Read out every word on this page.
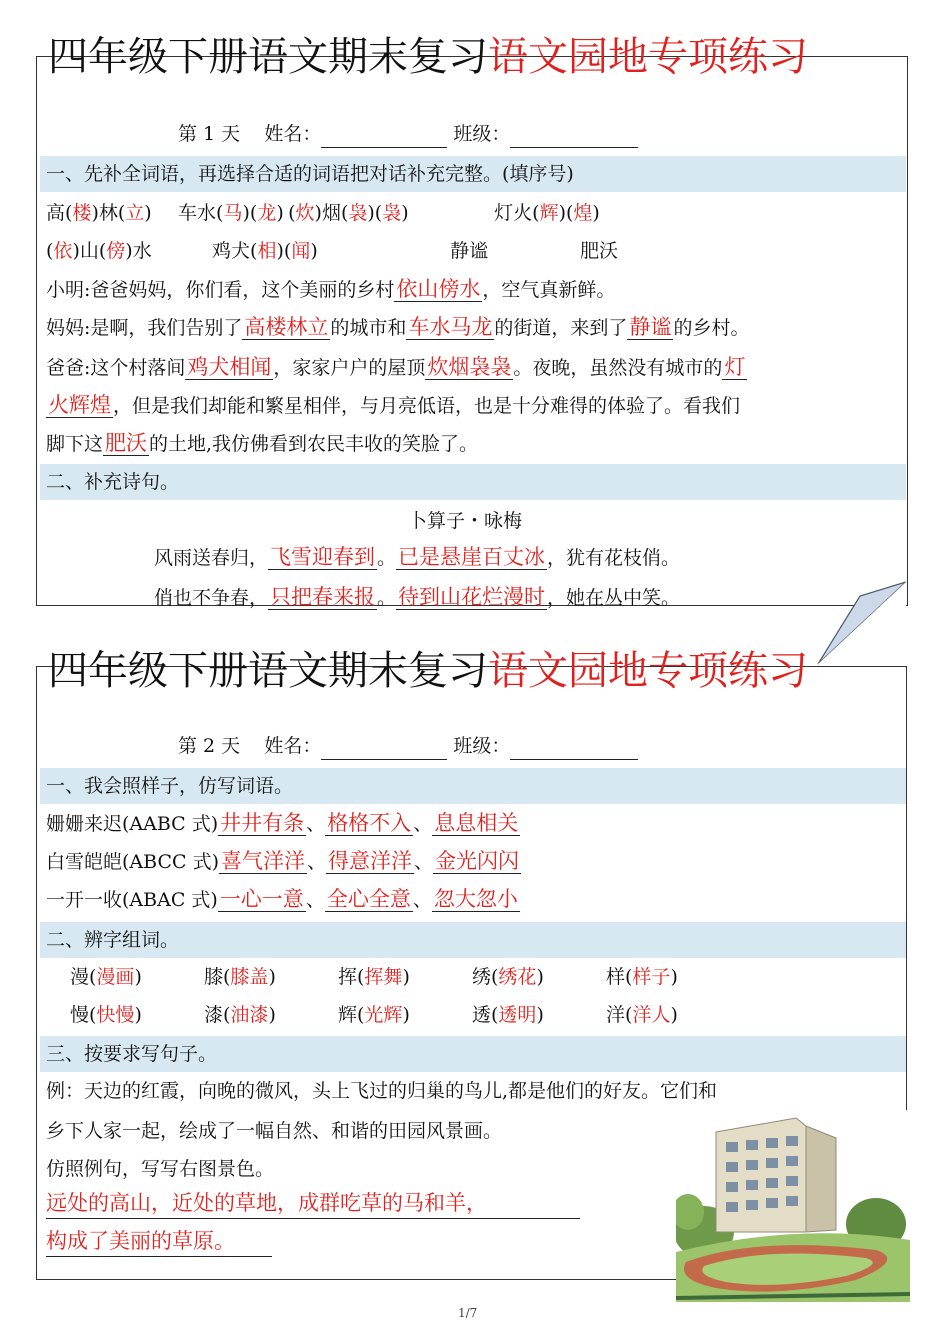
四年级下册语文期末复习语文园地专项练习
第 1 天 姓名：	班级：
一、先补全词语，再选择合适的词语把对话补充完整。(填序号)
高(楼)林(立) 车水(马)(龙) (炊)烟(袅)(袅)	灯火(辉)(煌)
(依)山(傍)水	鸡犬(相)(闻)	静谧	肥沃
小明:爸爸妈妈，你们看，这个美丽的乡村依山傍水 ，空气真新鲜。
妈妈:是啊，我们告别了高楼林立 的城市和车水马龙 的街道，来到了静谧 的乡村。
爸爸:这个村落间鸡犬相闻 ，家家户户的屋顶炊烟袅袅 。夜晚，虽然没有城市的灯
火辉煌 ，但是我们却能和繁星相伴，与月亮低语，也是十分难得的体验了。看我们
脚下这肥沃 的土地,我仿佛看到农民丰收的笑脸了。
二、补充诗句。
卜算子・咏梅
风雨送春归，飞雪迎春到 。已是悬崖百丈冰 ，犹有花枝俏。
俏也不争春，只把春来报 。待到山花烂漫时 ，她在丛中笑。
四年级下册语文期末复习语文园地专项练习
第 2 天 姓名：	班级：
一、我会照样子，仿写词语。
姗姗来迟(AABC 式)井井有条 、格格不入 、息息相关
白雪皑皑(ABCC 式)喜气洋洋 、得意洋洋 、金光闪闪
一开一收(ABAC 式)一心一意 、全心全意 、忽大忽小
二、辨字组词。
漫(漫画)	膝(膝盖)	挥(挥舞)	绣(绣花)	样(样子)
慢(快慢)	漆(油漆)	辉(光辉)	透(透明)	洋(洋人)
三、按要求写句子。
例：天边的红霞，向晚的微风，头上飞过的归巢的鸟儿,都是他们的好友。它们和
乡下人家一起，绘成了一幅自然、和谐的田园风景画。
仿照例句，写写右图景色。
远处的高山，近处的草地，成群吃草的马和羊，
构成了美丽的草原。
1/7
